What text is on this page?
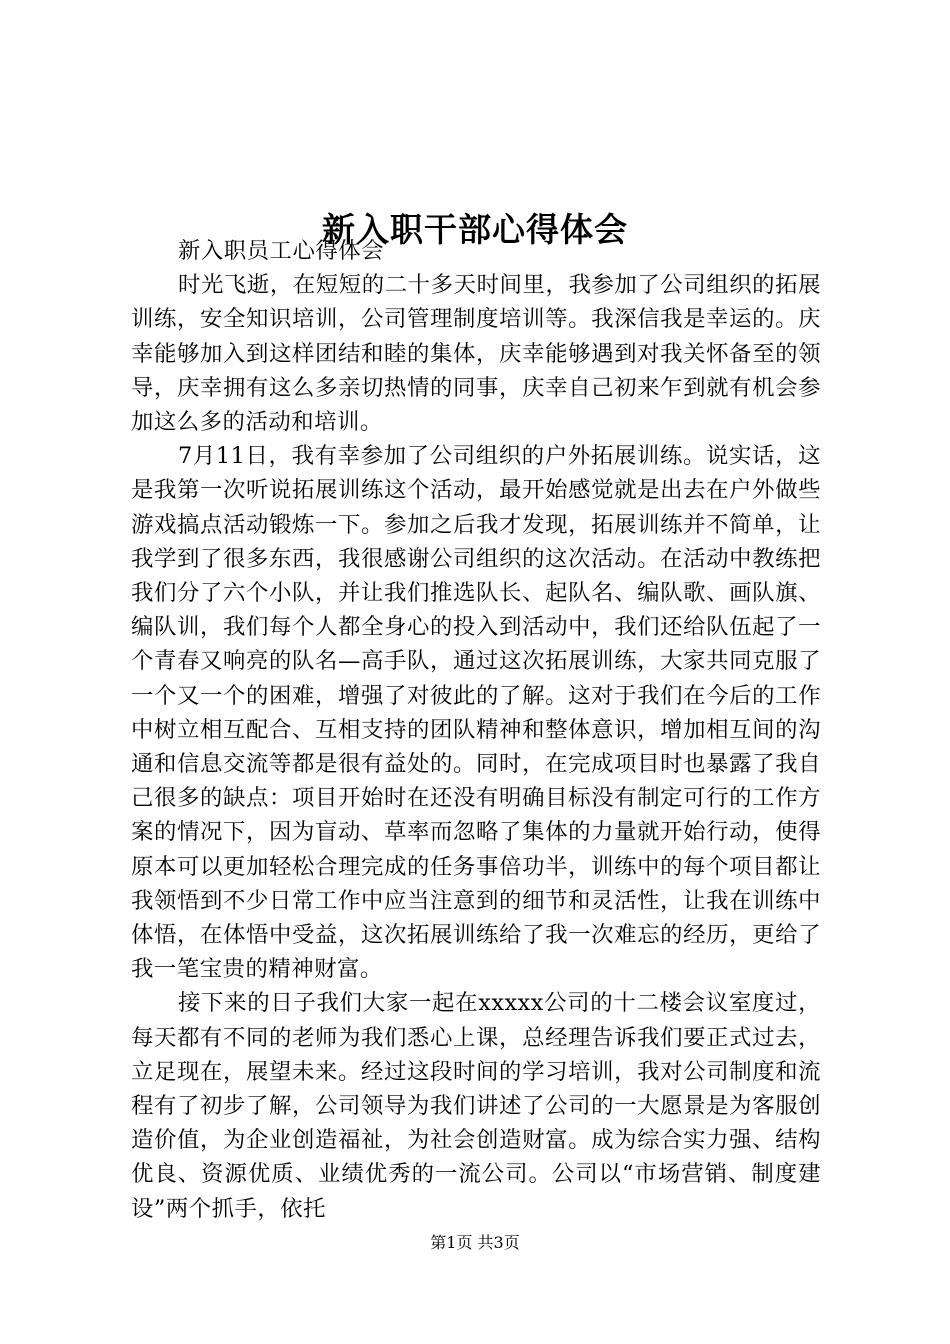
新入职干部心得体会

新入职员工心得体会

时光飞逝，在短短的二十多天时间里，我参加了公司组织的拓展训练，安全知识培训，公司管理制度培训等。我深信我是幸运的。庆幸能够加入到这样团结和睦的集体，庆幸能够遇到对我关怀备至的领导，庆幸拥有这么多亲切热情的同事，庆幸自己初来乍到就有机会参加这么多的活动和培训。

7月11日，我有幸参加了公司组织的户外拓展训练。说实话，这是我第一次听说拓展训练这个活动，最开始感觉就是出去在户外做些游戏搞点活动锻炼一下。参加之后我才发现，拓展训练并不简单，让我学到了很多东西，我很感谢公司组织的这次活动。在活动中教练把我们分了六个小队，并让我们推选队长、起队名、编队歌、画队旗、编队训，我们每个人都全身心的投入到活动中，我们还给队伍起了一个青春又响亮的队名—高手队，通过这次拓展训练，大家共同克服了一个又一个的困难，增强了对彼此的了解。这对于我们在今后的工作中树立相互配合、互相支持的团队精神和整体意识，增加相互间的沟通和信息交流等都是很有益处的。同时，在完成项目时也暴露了我自己很多的缺点：项目开始时在还没有明确目标没有制定可行的工作方案的情况下，因为盲动、草率而忽略了集体的力量就开始行动，使得原本可以更加轻松合理完成的任务事倍功半，训练中的每个项目都让我领悟到不少日常工作中应当注意到的细节和灵活性，让我在训练中体悟，在体悟中受益，这次拓展训练给了我一次难忘的经历，更给了我一笔宝贵的精神财富。

接下来的日子我们大家一起在xxxxx公司的十二楼会议室度过，每天都有不同的老师为我们悉心上课，总经理告诉我们要正式过去，立足现在，展望未来。经过这段时间的学习培训，我对公司制度和流程有了初步了解，公司领导为我们讲述了公司的一大愿景是为客服创造价值，为企业创造福祉，为社会创造财富。成为综合实力强、结构优良、资源优质、业绩优秀的一流公司。公司以“市场营销、制度建设”两个抓手，依托

第1页 共3页
